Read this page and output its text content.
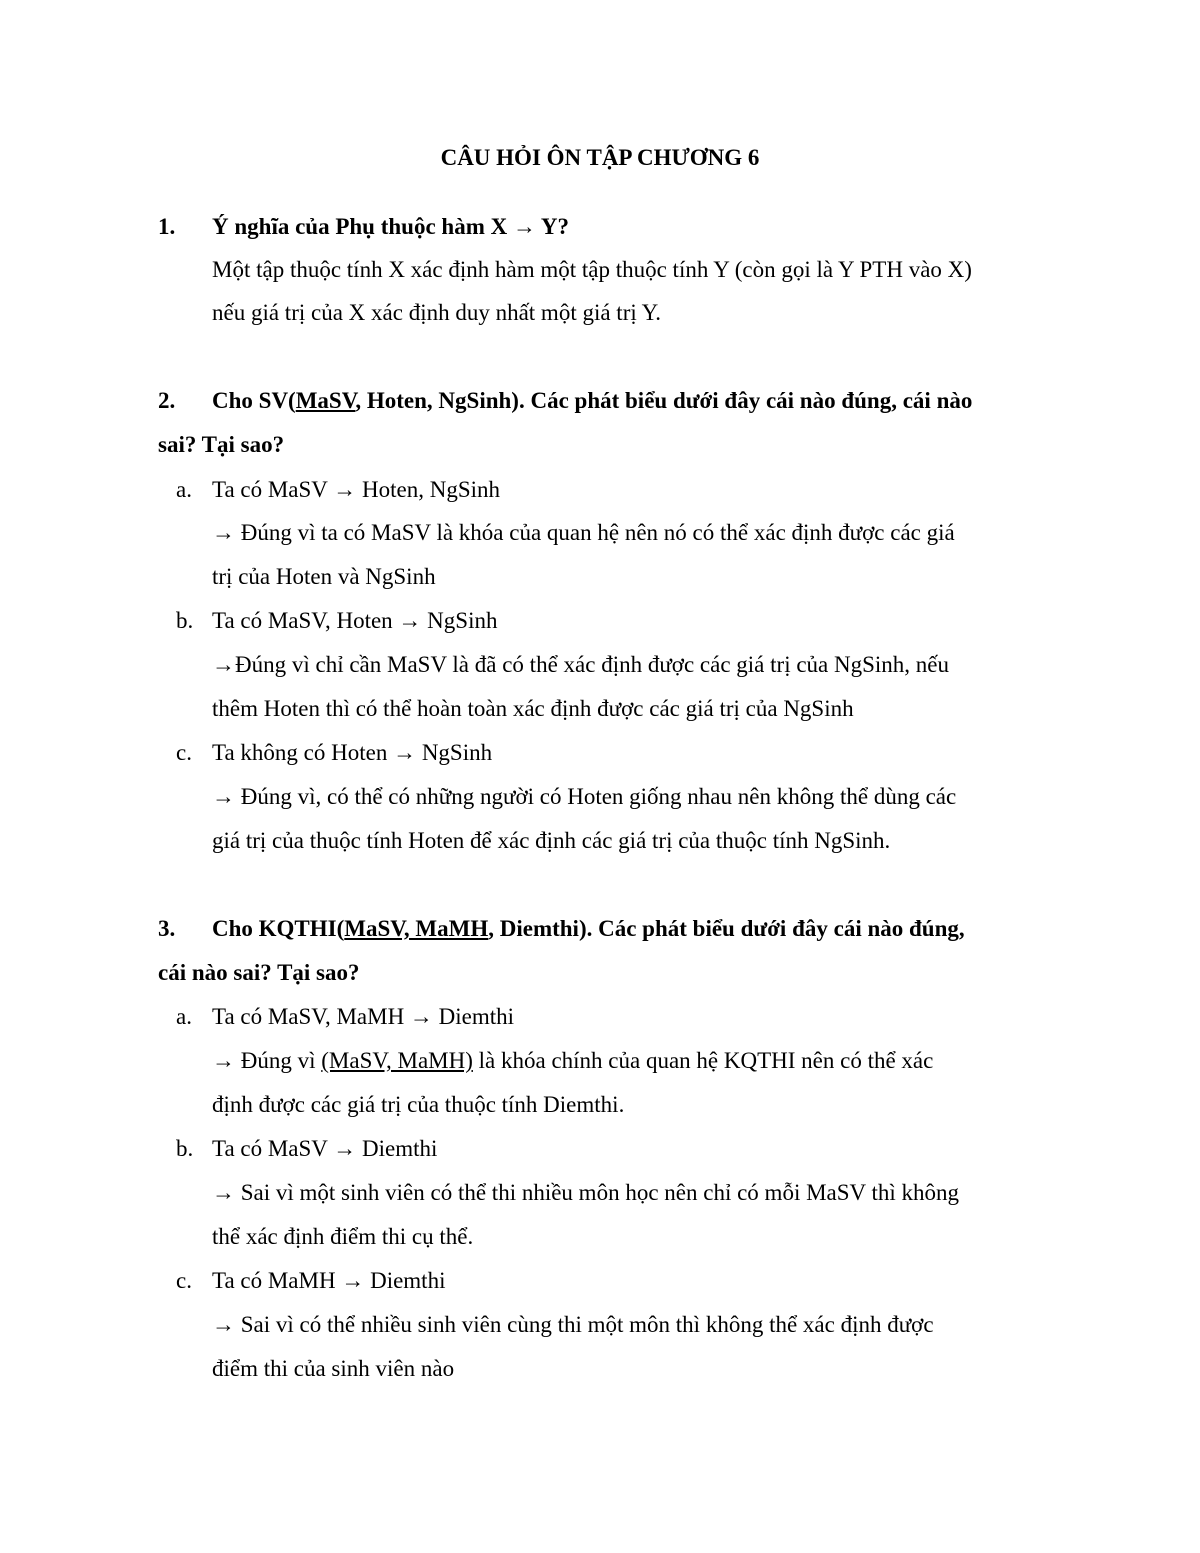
CÂU HỎI ÔN TẬP CHƯƠNG 6
1. Ý nghĩa của Phụ thuộc hàm X → Y?
Một tập thuộc tính X xác định hàm một tập thuộc tính Y (còn gọi là Y PTH vào X)
nếu giá trị của X xác định duy nhất một giá trị Y.
2. Cho SV(MaSV, Hoten, NgSinh). Các phát biểu dưới đây cái nào đúng, cái nào
sai? Tại sao?
a. Ta có MaSV → Hoten, NgSinh
→ Đúng vì ta có MaSV là khóa của quan hệ nên nó có thể xác định được các giá
trị của Hoten và NgSinh
b. Ta có MaSV, Hoten → NgSinh
→Đúng vì chỉ cần MaSV là đã có thể xác định được các giá trị của NgSinh, nếu
thêm Hoten thì có thể hoàn toàn xác định được các giá trị của NgSinh
c. Ta không có Hoten → NgSinh
→ Đúng vì, có thể có những người có Hoten giống nhau nên không thể dùng các
giá trị của thuộc tính Hoten để xác định các giá trị của thuộc tính NgSinh.
3. Cho KQTHI(MaSV, MaMH, Diemthi). Các phát biểu dưới đây cái nào đúng,
cái nào sai? Tại sao?
a. Ta có MaSV, MaMH → Diemthi
→ Đúng vì (MaSV, MaMH) là khóa chính của quan hệ KQTHI nên có thể xác
định được các giá trị của thuộc tính Diemthi.
b. Ta có MaSV → Diemthi
→ Sai vì một sinh viên có thể thi nhiều môn học nên chỉ có mỗi MaSV thì không
thể xác định điểm thi cụ thể.
c. Ta có MaMH → Diemthi
→ Sai vì có thể nhiều sinh viên cùng thi một môn thì không thể xác định được
điểm thi của sinh viên nào
